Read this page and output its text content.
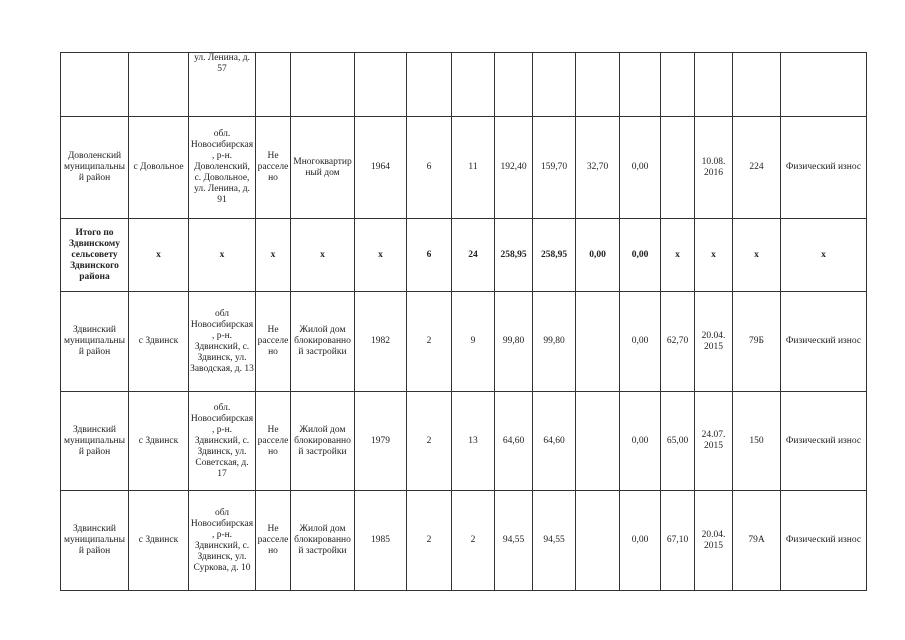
		ул. Ленина, д. 57													
Доволенский муниципальный район	с Довольное	обл. Новосибирская, р-н. Доволенский, с. Довольное, ул. Ленина, д. 91	Не расселено	Многоквартирный дом	1964	6	11	192,40	159,70	32,70	0,00		10.08. 2016	224	Физический износ
Итого по Здвинскому сельсовету Здвинского района	x	x	x	x	x	6	24	258,95	258,95	0,00	0,00	x	x	x	x
Здвинский муниципальный район	с Здвинск	обл Новосибирская, р-н. Здвинский, с. Здвинск, ул. Заводская, д. 13	Не расселено	Жилой дом блокированной застройки	1982	2	9	99,80	99,80		0,00	62,70	20.04. 2015	79Б	Физический износ
Здвинский муниципальный район	с Здвинск	обл. Новосибирская, р-н. Здвинский, с. Здвинск, ул. Советская, д. 17	Не расселено	Жилой дом блокированной застройки	1979	2	13	64,60	64,60		0,00	65,00	24.07. 2015	150	Физический износ
Здвинский муниципальный район	с Здвинск	обл Новосибирская, р-н. Здвинский, с. Здвинск, ул. Суркова, д. 10	Не расселено	Жилой дом блокированной застройки	1985	2	2	94,55	94,55		0,00	67,10	20.04. 2015	79А	Физический износ
